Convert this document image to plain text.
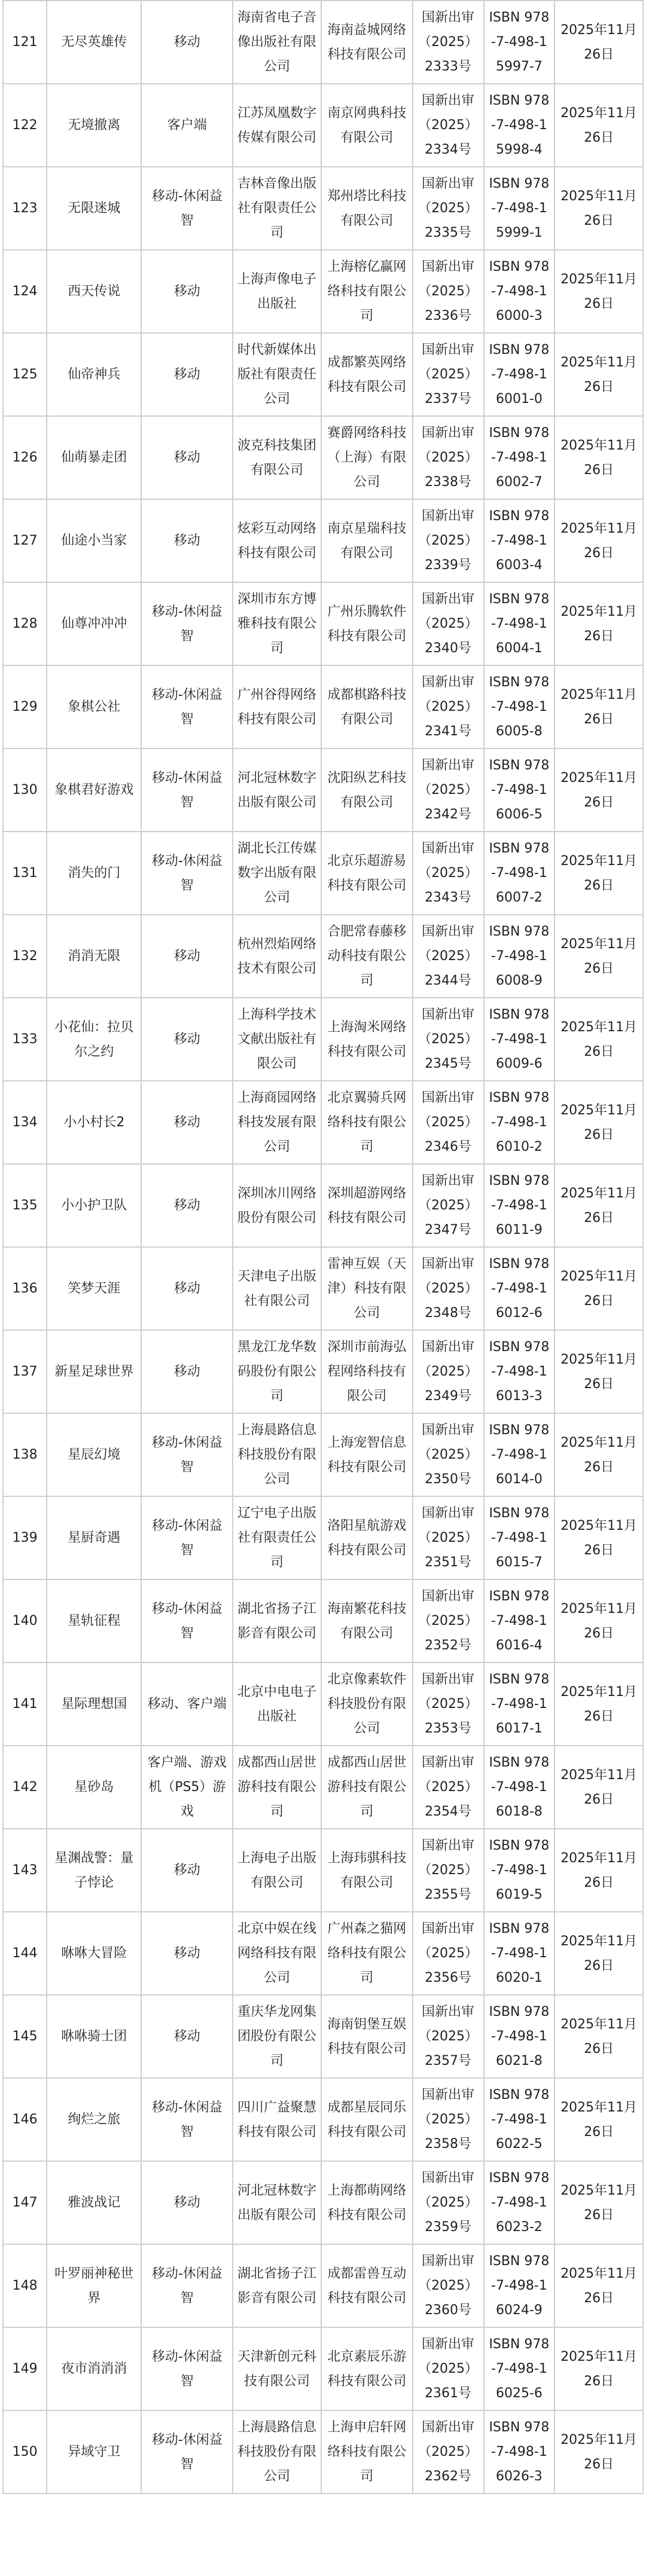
121	无尽英雄传	移动	海南省电子音像出版社有限公司	海南益城网络科技有限公司	国新出审（2025）2333号	ISBN 978-7-498-15997-7	2025年11月26日
122	无境撤离	客户端	江苏凤凰数字传媒有限公司	南京网典科技有限公司	国新出审（2025）2334号	ISBN 978-7-498-15998-4	2025年11月26日
123	无限迷城	移动-休闲益智	吉林音像出版社有限责任公司	郑州塔比科技有限公司	国新出审（2025）2335号	ISBN 978-7-498-15999-1	2025年11月26日
124	西天传说	移动	上海声像电子出版社	上海榕亿赢网络科技有限公司	国新出审（2025）2336号	ISBN 978-7-498-16000-3	2025年11月26日
125	仙帝神兵	移动	时代新媒体出版社有限责任公司	成都繁英网络科技有限公司	国新出审（2025）2337号	ISBN 978-7-498-16001-0	2025年11月26日
126	仙萌暴走团	移动	波克科技集团有限公司	赛爵网络科技（上海）有限公司	国新出审（2025）2338号	ISBN 978-7-498-16002-7	2025年11月26日
127	仙途小当家	移动	炫彩互动网络科技有限公司	南京星瑞科技有限公司	国新出审（2025）2339号	ISBN 978-7-498-16003-4	2025年11月26日
128	仙尊冲冲冲	移动-休闲益智	深圳市东方博雅科技有限公司	广州乐腾软件科技有限公司	国新出审（2025）2340号	ISBN 978-7-498-16004-1	2025年11月26日
129	象棋公社	移动-休闲益智	广州谷得网络科技有限公司	成都棋路科技有限公司	国新出审（2025）2341号	ISBN 978-7-498-16005-8	2025年11月26日
130	象棋君好游戏	移动-休闲益智	河北冠林数字出版有限公司	沈阳纵艺科技有限公司	国新出审（2025）2342号	ISBN 978-7-498-16006-5	2025年11月26日
131	消失的门	移动-休闲益智	湖北长江传媒数字出版有限公司	北京乐超游易科技有限公司	国新出审（2025）2343号	ISBN 978-7-498-16007-2	2025年11月26日
132	消消无限	移动	杭州烈焰网络技术有限公司	合肥常春藤移动科技有限公司	国新出审（2025）2344号	ISBN 978-7-498-16008-9	2025年11月26日
133	小花仙：拉贝尔之约	移动	上海科学技术文献出版社有限公司	上海淘米网络科技有限公司	国新出审（2025）2345号	ISBN 978-7-498-16009-6	2025年11月26日
134	小小村长2	移动	上海商园网络科技发展有限公司	北京翼骑兵网络科技有限公司	国新出审（2025）2346号	ISBN 978-7-498-16010-2	2025年11月26日
135	小小护卫队	移动	深圳冰川网络股份有限公司	深圳超游网络科技有限公司	国新出审（2025）2347号	ISBN 978-7-498-16011-9	2025年11月26日
136	笑梦天涯	移动	天津电子出版社有限公司	雷神互娱（天津）科技有限公司	国新出审（2025）2348号	ISBN 978-7-498-16012-6	2025年11月26日
137	新星足球世界	移动	黑龙江龙华数码股份有限公司	深圳市前海弘程网络科技有限公司	国新出审（2025）2349号	ISBN 978-7-498-16013-3	2025年11月26日
138	星辰幻境	移动-休闲益智	上海晨路信息科技股份有限公司	上海宠智信息科技有限公司	国新出审（2025）2350号	ISBN 978-7-498-16014-0	2025年11月26日
139	星厨奇遇	移动-休闲益智	辽宁电子出版社有限责任公司	洛阳星航游戏科技有限公司	国新出审（2025）2351号	ISBN 978-7-498-16015-7	2025年11月26日
140	星轨征程	移动-休闲益智	湖北省扬子江影音有限公司	海南繁花科技有限公司	国新出审（2025）2352号	ISBN 978-7-498-16016-4	2025年11月26日
141	星际理想国	移动、客户端	北京中电电子出版社	北京像素软件科技股份有限公司	国新出审（2025）2353号	ISBN 978-7-498-16017-1	2025年11月26日
142	星砂岛	客户端、游戏机（PS5）游戏	成都西山居世游科技有限公司	成都西山居世游科技有限公司	国新出审（2025）2354号	ISBN 978-7-498-16018-8	2025年11月26日
143	星渊战警：量子悖论	移动	上海电子出版有限公司	上海玮骐科技有限公司	国新出审（2025）2355号	ISBN 978-7-498-16019-5	2025年11月26日
144	咻咻大冒险	移动	北京中娱在线网络科技有限公司	广州森之猫网络科技有限公司	国新出审（2025）2356号	ISBN 978-7-498-16020-1	2025年11月26日
145	咻咻骑士团	移动	重庆华龙网集团股份有限公司	海南钥堡互娱科技有限公司	国新出审（2025）2357号	ISBN 978-7-498-16021-8	2025年11月26日
146	绚烂之旅	移动-休闲益智	四川广益聚慧科技有限公司	成都星辰同乐科技有限公司	国新出审（2025）2358号	ISBN 978-7-498-16022-5	2025年11月26日
147	雅波战记	移动	河北冠林数字出版有限公司	上海都萌网络科技有限公司	国新出审（2025）2359号	ISBN 978-7-498-16023-2	2025年11月26日
148	叶罗丽神秘世界	移动-休闲益智	湖北省扬子江影音有限公司	成都雷兽互动科技有限公司	国新出审（2025）2360号	ISBN 978-7-498-16024-9	2025年11月26日
149	夜市消消消	移动-休闲益智	天津新创元科技有限公司	北京素辰乐游科技有限公司	国新出审（2025）2361号	ISBN 978-7-498-16025-6	2025年11月26日
150	异域守卫	移动-休闲益智	上海晨路信息科技股份有限公司	上海申启轩网络科技有限公司	国新出审（2025）2362号	ISBN 978-7-498-16026-3	2025年11月26日
